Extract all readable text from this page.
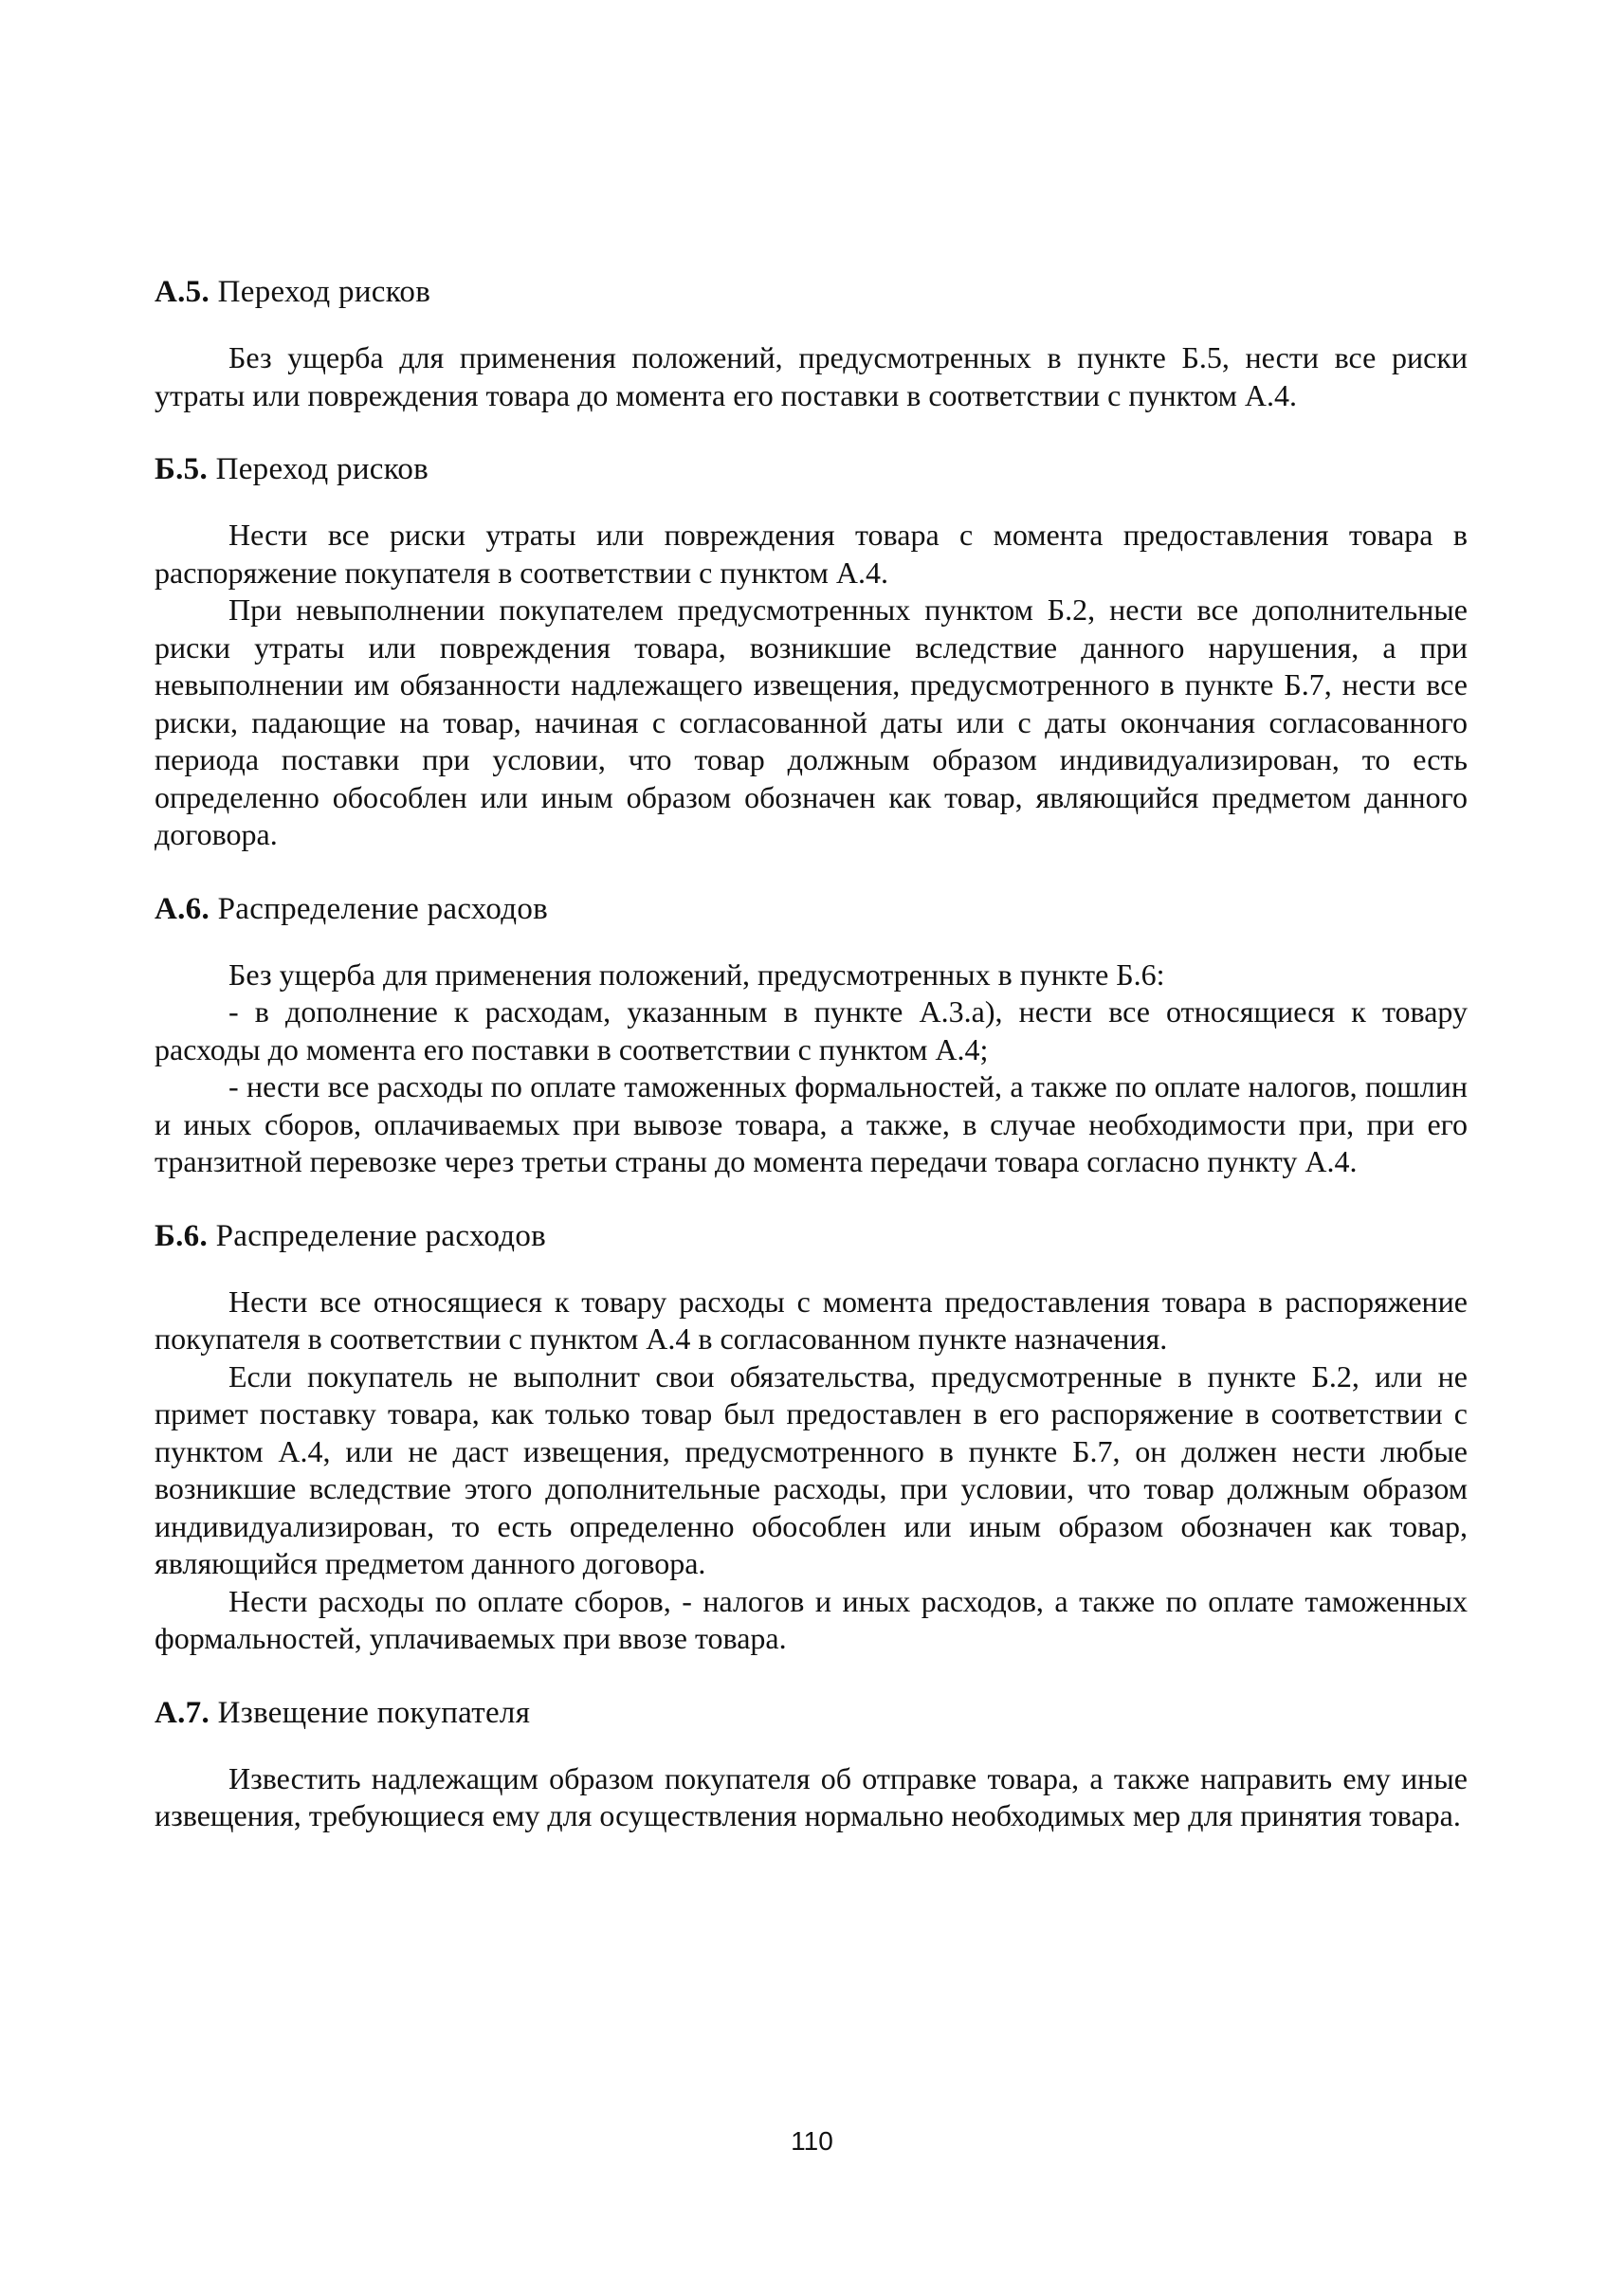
А.5. Переход рисков

Без ущерба для применения положений, предусмотренных в пункте Б.5, нести все риски утраты или повреждения товара до момента его поставки в соответствии с пунктом А.4.

Б.5. Переход рисков

Нести все риски утраты или повреждения товара с момента предоставления товара в распоряжение покупателя в соответствии с пунктом А.4.

При невыполнении покупателем предусмотренных пунктом Б.2, нести все дополнительные риски утраты или повреждения товара, возникшие вследствие данного нарушения, а при невыполнении им обязанности надлежащего извещения, предусмотренного в пункте Б.7, нести все риски, падающие на товар, начиная с согласованной даты или с даты окончания согласованного периода поставки при условии, что товар должным образом индивидуализирован, то есть определенно обособлен или иным образом обозначен как товар, являющийся предметом данного договора.

А.6. Распределение расходов

Без ущерба для применения положений, предусмотренных в пункте Б.6:

- в дополнение к расходам, указанным в пункте А.3.а), нести все относящиеся к товару расходы до момента его поставки в соответствии с пунктом А.4;

- нести все расходы по оплате таможенных формальностей, а также по оплате налогов, пошлин и иных сборов, оплачиваемых при вывозе товара, а также, в случае необходимости при, при его транзитной перевозке через третьи страны до момента передачи товара согласно пункту А.4.

Б.6. Распределение расходов

Нести все относящиеся к товару расходы с момента предоставления товара в распоряжение покупателя в соответствии с пунктом А.4 в согласованном пункте назначения.

Если покупатель не выполнит свои обязательства, предусмотренные в пункте Б.2, или не примет поставку товара, как только товар был предоставлен в его распоряжение в соответствии с пунктом А.4, или не даст извещения, предусмотренного в пункте Б.7, он должен нести любые возникшие вследствие этого дополнительные расходы, при условии, что товар должным образом индивидуализирован, то есть определенно обособлен или иным образом обозначен как товар, являющийся предметом данного договора.

Нести расходы по оплате сборов, - налогов и иных расходов, а также по оплате таможенных формальностей, уплачиваемых при ввозе товара.

А.7. Извещение покупателя

Известить надлежащим образом покупателя об отправке товара, а также направить ему иные извещения, требующиеся ему для осуществления нормально необходимых мер для принятия товара.

110
